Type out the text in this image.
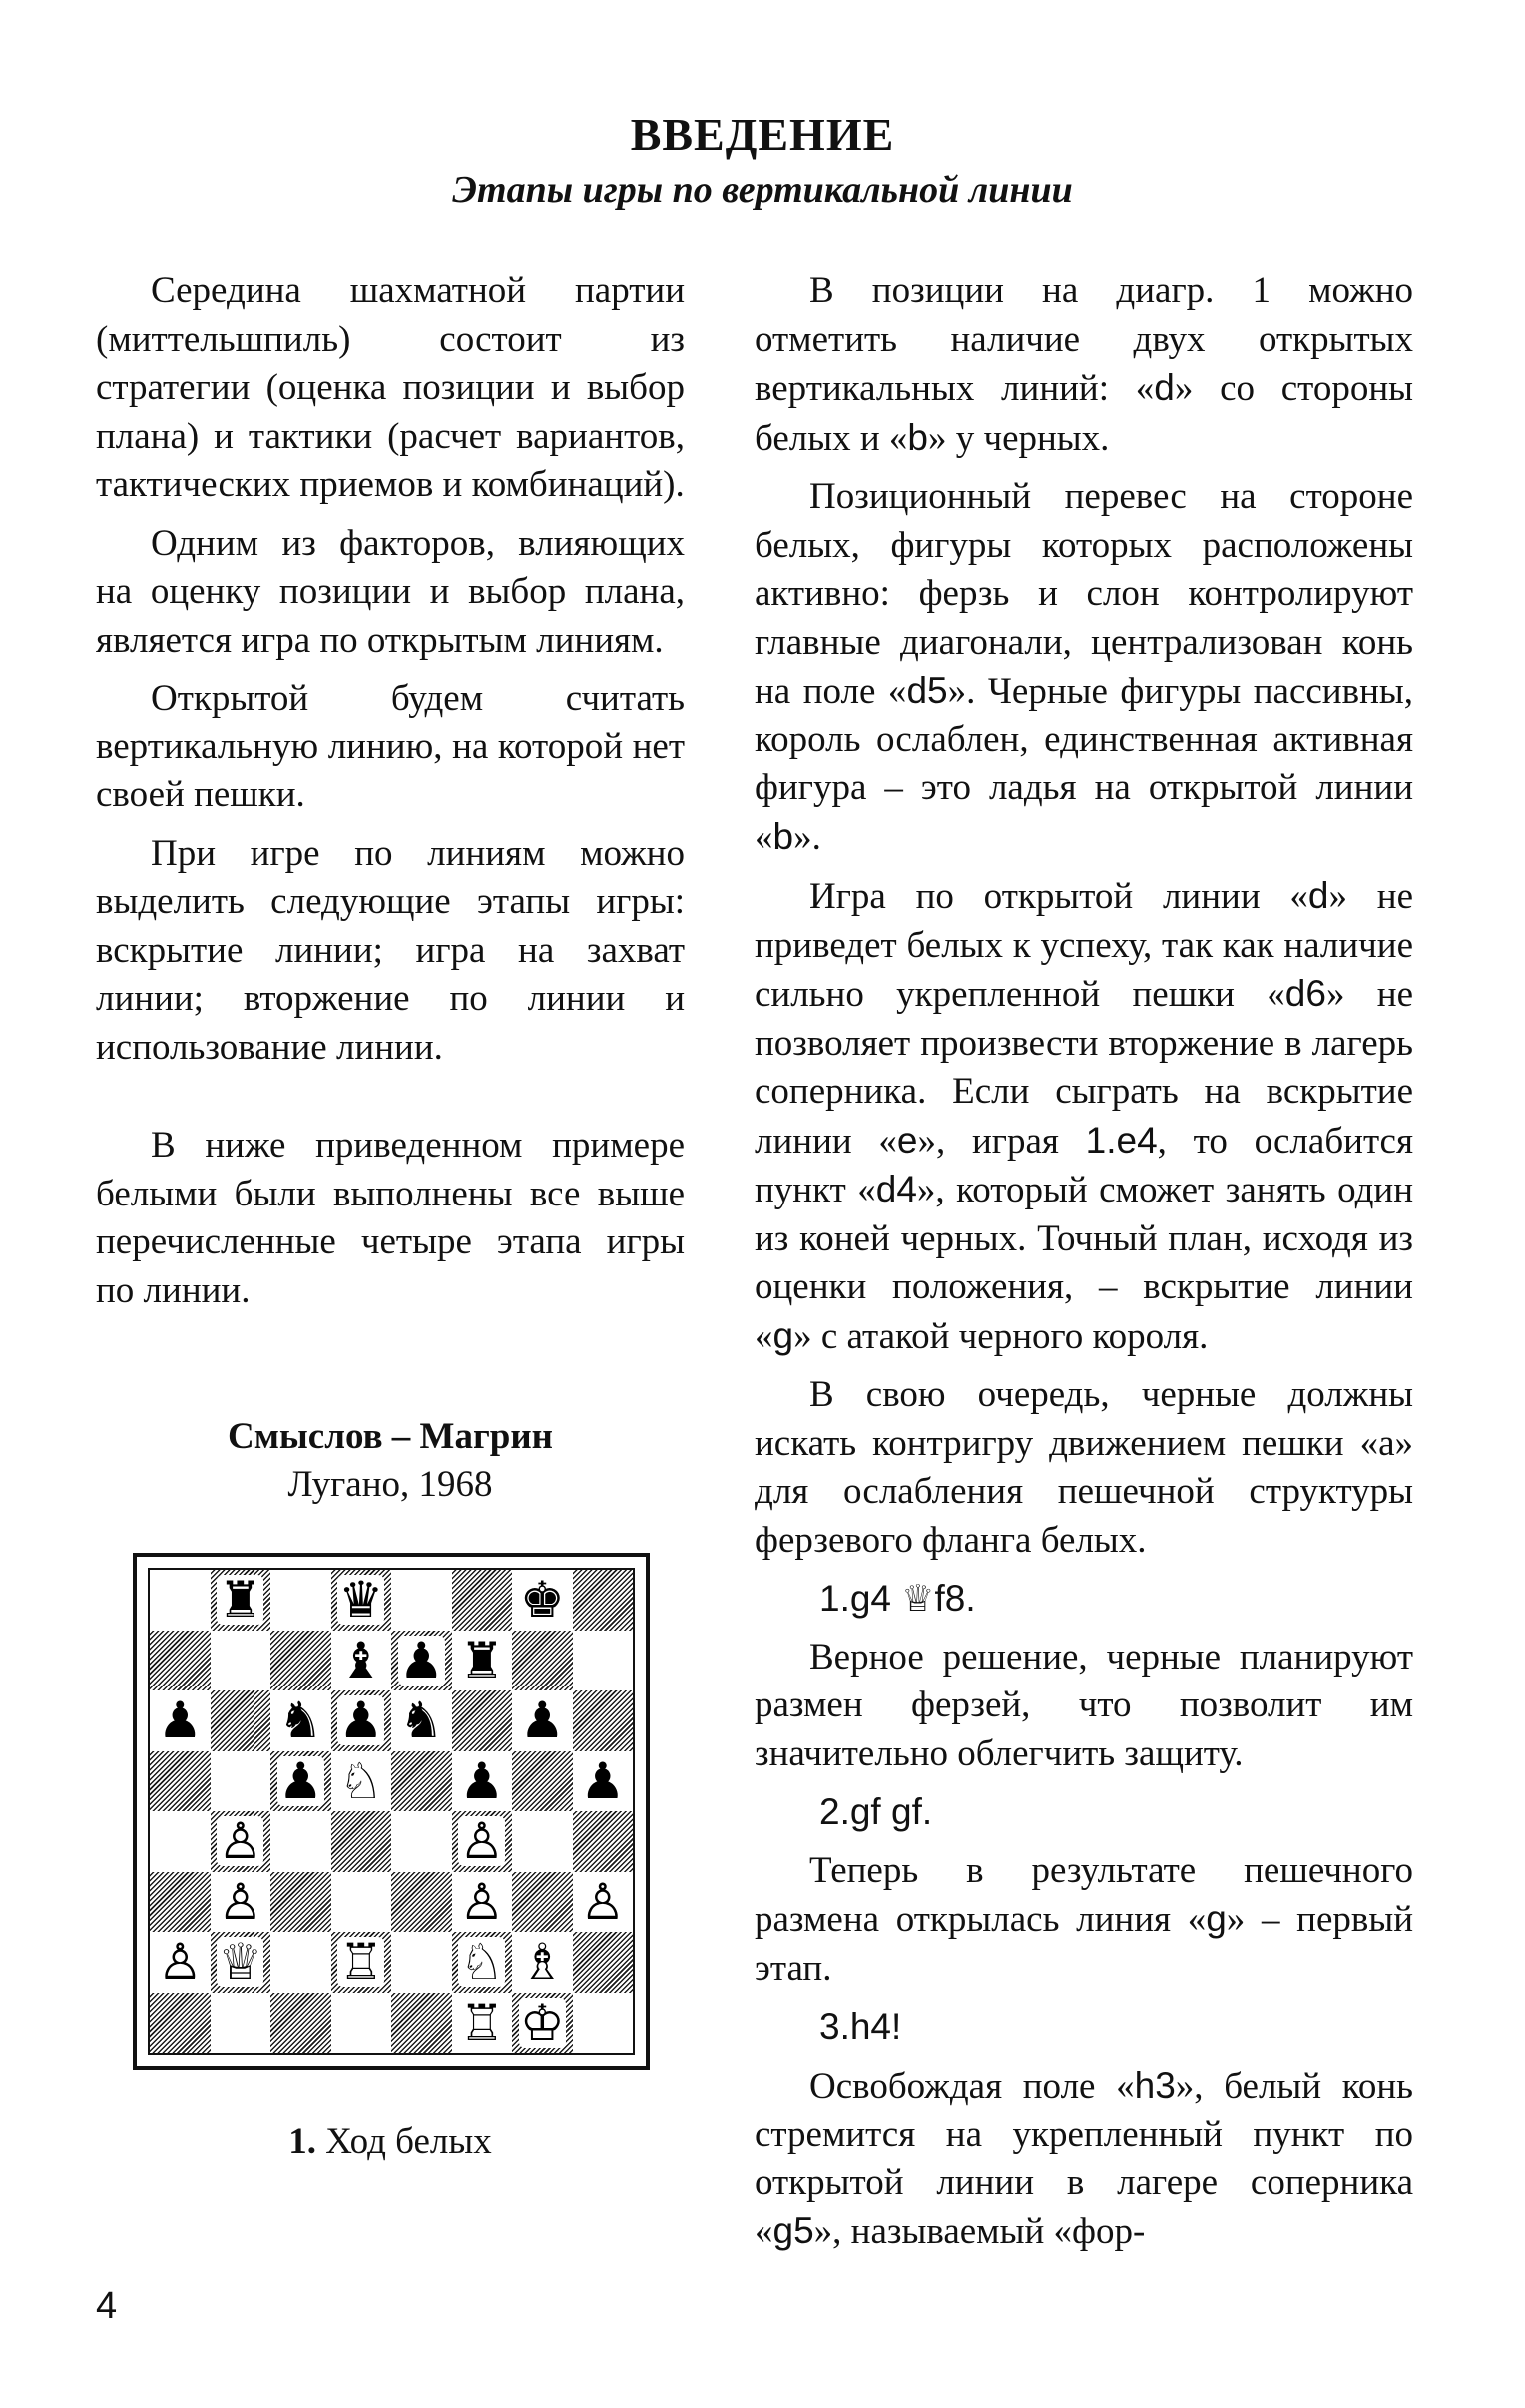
ВВЕДЕНИЕ
Этапы игры по вертикальной линии

Середина шахматной партии (миттельшпиль) состоит из стратегии (оценка позиции и выбор плана) и тактики (расчет вариантов, тактических приемов и комбинаций).

Одним из факторов, влияющих на оценку позиции и выбор плана, является игра по открытым линиям.

Открытой будем считать вертикальную линию, на которой нет своей пешки.

При игре по линиям можно выделить следующие этапы игры: вскрытие линии; игра на захват линии; вторжение по линии и использование линии.

В ниже приведенном примере белыми были выполнены все выше перечисленные четыре этапа игры по линии.

Смыслов – Магрин
Лугано, 1968
♜ ♛	♚
♝ ♟ ♜
♟ ♞ ♟ ♞ ♟
♟ ♘ ♟ ♟
♙	♙
♙	♙ ♙
♙ ♕ ♖ ♘ ♗
♖ ♔
1. Ход белых

В позиции на диагр. 1 можно отметить наличие двух открытых вертикальных линий: «d» со стороны белых и «b» у черных.

Позиционный перевес на стороне белых, фигуры которых расположены активно: ферзь и слон контролируют главные диагонали, централизован конь на поле «d5». Черные фигуры пассивны, король ослаблен, единственная активная фигура – это ладья на открытой линии «b».

Игра по открытой линии «d» не приведет белых к успеху, так как наличие сильно укрепленной пешки «d6» не позволяет произвести вторжение в лагерь соперника. Если сыграть на вскрытие линии «e», играя 1.e4, то ослабится пункт «d4», который сможет занять один из коней черных. Точный план, исходя из оценки положения, – вскрытие линии «g» с атакой черного короля.

В свою очередь, черные должны искать контригру движением пешки «а» для ослабления пешечной структуры ферзевого фланга белых.

1.g4 ♕f8.

Верное решение, черные планируют размен ферзей, что позволит им значительно облегчить защиту.

2.gf gf.

Теперь в результате пешечного размена открылась линия «g» – первый этап.

3.h4!

Освобождая поле «h3», белый конь стремится на укрепленный пункт по открытой линии в лагере соперника «g5», называемый «фор-

4
